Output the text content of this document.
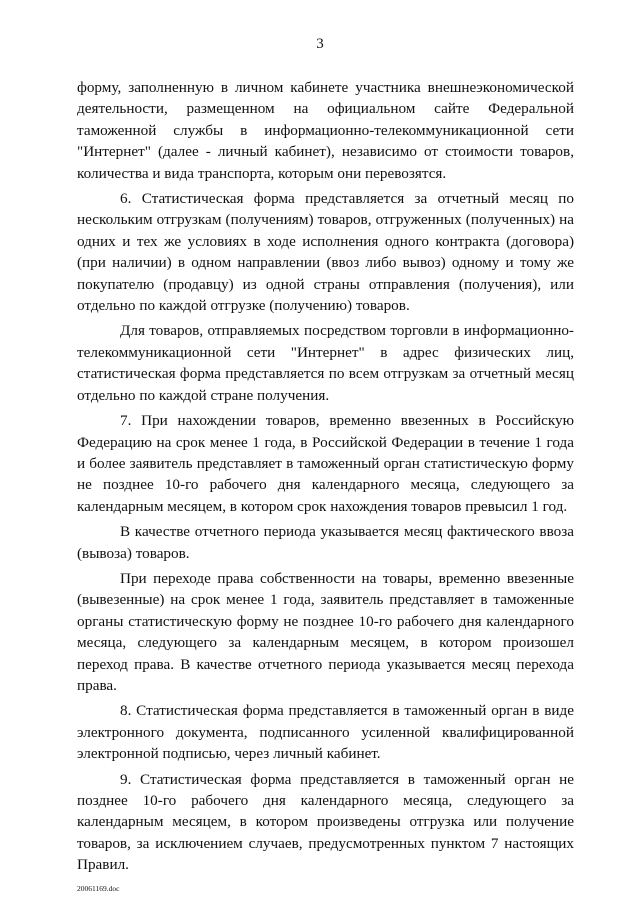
3

форму, заполненную в личном кабинете участника внешнеэкономической деятельности, размещенном на официальном сайте Федеральной таможенной службы в информационно-телекоммуникационной сети "Интернет" (далее - личный кабинет), независимо от стоимости товаров, количества и вида транспорта, которым они перевозятся.

6. Статистическая форма представляется за отчетный месяц по нескольким отгрузкам (получениям) товаров, отгруженных (полученных) на одних и тех же условиях в ходе исполнения одного контракта (договора) (при наличии) в одном направлении (ввоз либо вывоз) одному и тому же покупателю (продавцу) из одной страны отправления (получения), или отдельно по каждой отгрузке (получению) товаров.

Для товаров, отправляемых посредством торговли в информационно-телекоммуникационной сети "Интернет" в адрес физических лиц, статистическая форма представляется по всем отгрузкам за отчетный месяц отдельно по каждой стране получения.

7. При нахождении товаров, временно ввезенных в Российскую Федерацию на срок менее 1 года, в Российской Федерации в течение 1 года и более заявитель представляет в таможенный орган статистическую форму не позднее 10-го рабочего дня календарного месяца, следующего за календарным месяцем, в котором срок нахождения товаров превысил 1 год.

В качестве отчетного периода указывается месяц фактического ввоза (вывоза) товаров.

При переходе права собственности на товары, временно ввезенные (вывезенные) на срок менее 1 года, заявитель представляет в таможенные органы статистическую форму не позднее 10-го рабочего дня календарного месяца, следующего за календарным месяцем, в котором произошел переход права. В качестве отчетного периода указывается месяц перехода права.

8. Статистическая форма представляется в таможенный орган в виде электронного документа, подписанного усиленной квалифицированной электронной подписью, через личный кабинет.

9. Статистическая форма представляется в таможенный орган не позднее 10-го рабочего дня календарного месяца, следующего за календарным месяцем, в котором произведены отгрузка или получение товаров, за исключением случаев, предусмотренных пунктом 7 настоящих Правил.

20061169.doc
